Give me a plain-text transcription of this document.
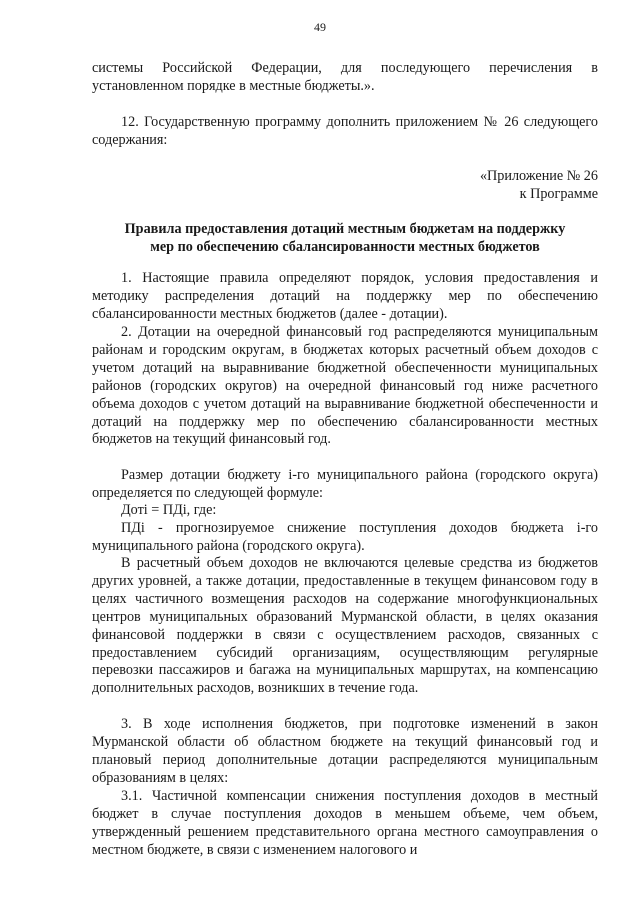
49

системы Российской Федерации, для последующего перечисления в установленном порядке в местные бюджеты.».

12. Государственную программу дополнить приложением № 26 следующего содержания:

«Приложение № 26
к Программе
Правила предоставления дотаций местным бюджетам на поддержку
мер по обеспечению сбалансированности местных бюджетов

1. Настоящие правила определяют порядок, условия предоставления и методику распределения дотаций на поддержку мер по обеспечению сбалансированности местных бюджетов (далее - дотации).

2. Дотации на очередной финансовый год распределяются муниципальным районам и городским округам, в бюджетах которых расчетный объем доходов с учетом дотаций на выравнивание бюджетной обеспеченности муниципальных районов (городских округов) на очередной финансовый год ниже расчетного объема доходов с учетом дотаций на выравнивание бюджетной обеспеченности и дотаций на поддержку мер по обеспечению сбалансированности местных бюджетов на текущий финансовый год.

Размер дотации бюджету i-го муниципального района (городского округа) определяется по следующей формуле:

Дотi = ПДi, где:

ПДi - прогнозируемое снижение поступления доходов бюджета i-го муниципального района (городского округа).

В расчетный объем доходов не включаются целевые средства из бюджетов других уровней, а также дотации, предоставленные в текущем финансовом году в целях частичного возмещения расходов на содержание многофункциональных центров муниципальных образований Мурманской области, в целях оказания финансовой поддержки в связи с осуществлением расходов, связанных с предоставлением субсидий организациям, осуществляющим регулярные перевозки пассажиров и багажа на муниципальных маршрутах, на компенсацию дополнительных расходов, возникших в течение года.

3. В ходе исполнения бюджетов, при подготовке изменений в закон Мурманской области об областном бюджете на текущий финансовый год и плановый период дополнительные дотации распределяются муниципальным образованиям в целях:

3.1. Частичной компенсации снижения поступления доходов в местный бюджет в случае поступления доходов в меньшем объеме, чем объем, утвержденный решением представительного органа местного самоуправления о местном бюджете, в связи с изменением налогового и
